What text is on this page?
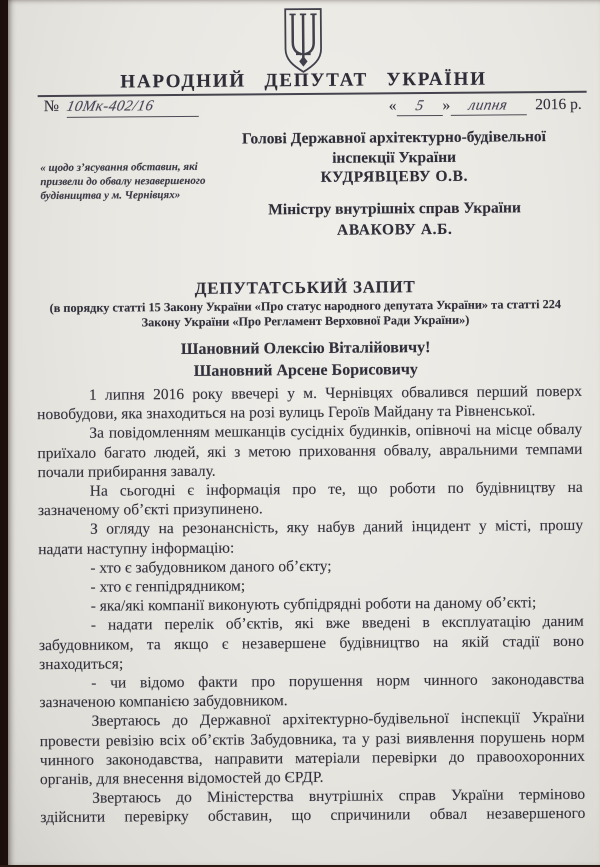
НАРОДНИЙ ДЕПУТАТ УКРАЇНИ
№ 10Мк-402/16	« 5 » липня 2016 р.
« щодо з’ясування обставин, які
призвели до обвалу незавершеного
будівництва у м. Чернівцях»
Голові Державної архітектурно-будівельної
інспекції України
КУДРЯВЦЕВУ О.В.
Міністру внутрішніх справ України
АВАКОВУ А.Б.
ДЕПУТАТСЬКИЙ ЗАПИТ
(в порядку статті 15 Закону України «Про статус народного депутата України» та статті 224
Закону України «Про Регламент Верховної Ради України»)
Шановний Олексію Віталійовичу!
Шановний Арсене Борисовичу

1 липня 2016 року ввечері у м. Чернівцях обвалився перший поверх новобудови, яка знаходиться на розі вулиць Героїв Майдану та Рівненської.

За повідомленням мешканців сусідніх будинків, опівночі на місце обвалу приїхало багато людей, які з метою приховання обвалу, авральними темпами почали прибирання завалу.

На сьогодні є інформація про те, що роботи по будівництву на зазначеному об’єкті призупинено.

З огляду на резонансність, яку набув даний інцидент у місті, прошу надати наступну інформацію:

- хто є забудовником даного об’єкту;

- хто є генпідрядником;

- яка/які компанії виконують субпідрядні роботи на даному об’єкті;

- надати перелік об’єктів, які вже введені в експлуатацію даним забудовником, та якщо є незавершене будівництво на якій стадії воно знаходиться;

- чи відомо факти про порушення норм чинного законодавства зазначеною компанією забудовником.

Звертаюсь до Державної архітектурно-будівельної інспекції України провести ревізію всіх об’єктів Забудовника, та у разі виявлення порушень норм чинного законодавства, направити матеріали перевірки до правоохоронних органів, для внесення відомостей до ЄРДР.

Звертаюсь до Міністерства внутрішніх справ України терміново здійснити перевірку обставин, що спричинили обвал незавершеного
